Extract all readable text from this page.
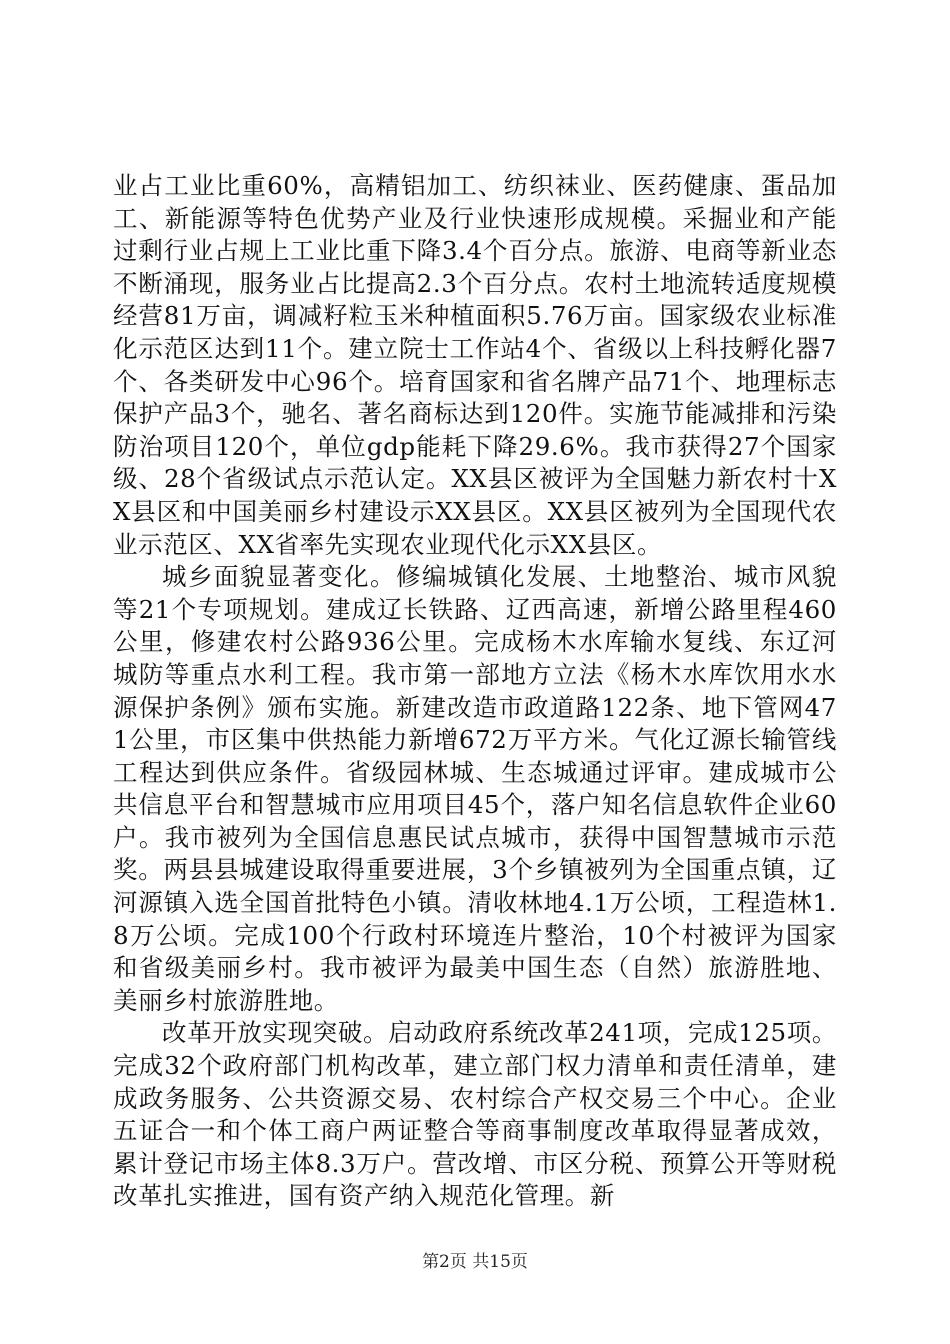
业占工业比重60%，高精铝加工、纺织袜业、医药健康、蛋品加工、新能源等特色优势产业及行业快速形成规模。采掘业和产能过剩行业占规上工业比重下降3.4个百分点。旅游、电商等新业态不断涌现，服务业占比提高2.3个百分点。农村土地流转适度规模经营81万亩，调减籽粒玉米种植面积5.76万亩。国家级农业标准化示范区达到11个。建立院士工作站4个、省级以上科技孵化器7个、各类研发中心96个。培育国家和省名牌产品71个、地理标志保护产品3个，驰名、著名商标达到120件。实施节能减排和污染防治项目120个，单位gdp能耗下降29.6%。我市获得27个国家级、28个省级试点示范认定。XX县区被评为全国魅力新农村十XX县区和中国美丽乡村建设示XX县区。XX县区被列为全国现代农业示范区、XX省率先实现农业现代化示XX县区。

城乡面貌显著变化。修编城镇化发展、土地整治、城市风貌等21个专项规划。建成辽长铁路、辽西高速，新增公路里程460公里，修建农村公路936公里。完成杨木水库输水复线、东辽河城防等重点水利工程。我市第一部地方立法《杨木水库饮用水水源保护条例》颁布实施。新建改造市政道路122条、地下管网471公里，市区集中供热能力新增672万平方米。气化辽源长输管线工程达到供应条件。省级园林城、生态城通过评审。建成城市公共信息平台和智慧城市应用项目45个，落户知名信息软件企业60户。我市被列为全国信息惠民试点城市，获得中国智慧城市示范奖。两县县城建设取得重要进展，3个乡镇被列为全国重点镇，辽河源镇入选全国首批特色小镇。清收林地4.1万公顷，工程造林1.8万公顷。完成100个行政村环境连片整治，10个村被评为国家和省级美丽乡村。我市被评为最美中国生态（自然）旅游胜地、美丽乡村旅游胜地。

改革开放实现突破。启动政府系统改革241项，完成125项。完成32个政府部门机构改革，建立部门权力清单和责任清单，建成政务服务、公共资源交易、农村综合产权交易三个中心。企业五证合一和个体工商户两证整合等商事制度改革取得显著成效，累计登记市场主体8.3万户。营改增、市区分税、预算公开等财税改革扎实推进，国有资产纳入规范化管理。新

第2页 共15页
